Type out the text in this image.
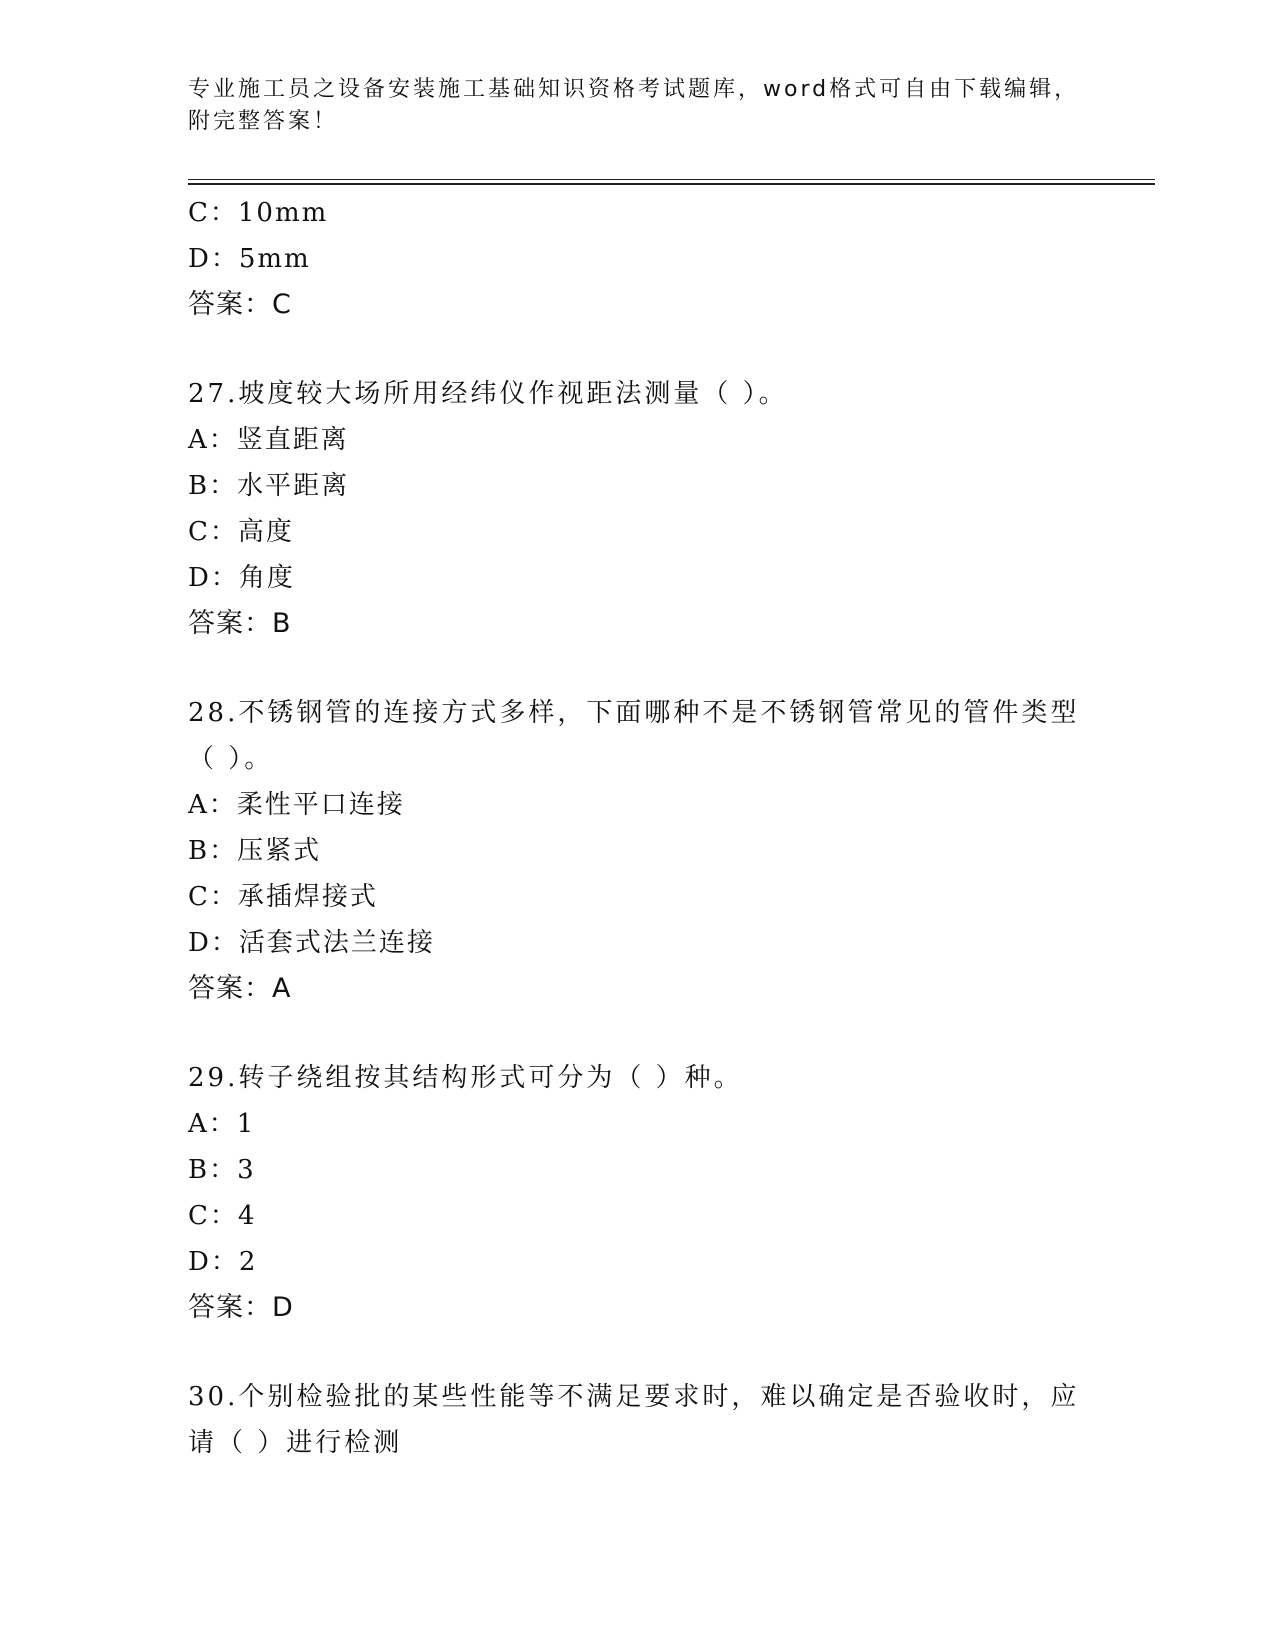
专业施工员之设备安装施工基础知识资格考试题库，word格式可自由下载编辑，
附完整答案！
C：10mm
D：5mm
答案：C
27.坡度较大场所用经纬仪作视距法测量（ ）。
A：竖直距离
B：水平距离
C：高度
D：角度
答案：B
28.不锈钢管的连接方式多样，下面哪种不是不锈钢管常见的管件类型
（ ）。
A：柔性平口连接
B：压紧式
C：承插焊接式
D：活套式法兰连接
答案：A
29.转子绕组按其结构形式可分为（ ）种。
A：1
B：3
C：4
D：2
答案：D
30.个别检验批的某些性能等不满足要求时，难以确定是否验收时，应
请（ ）进行检测
